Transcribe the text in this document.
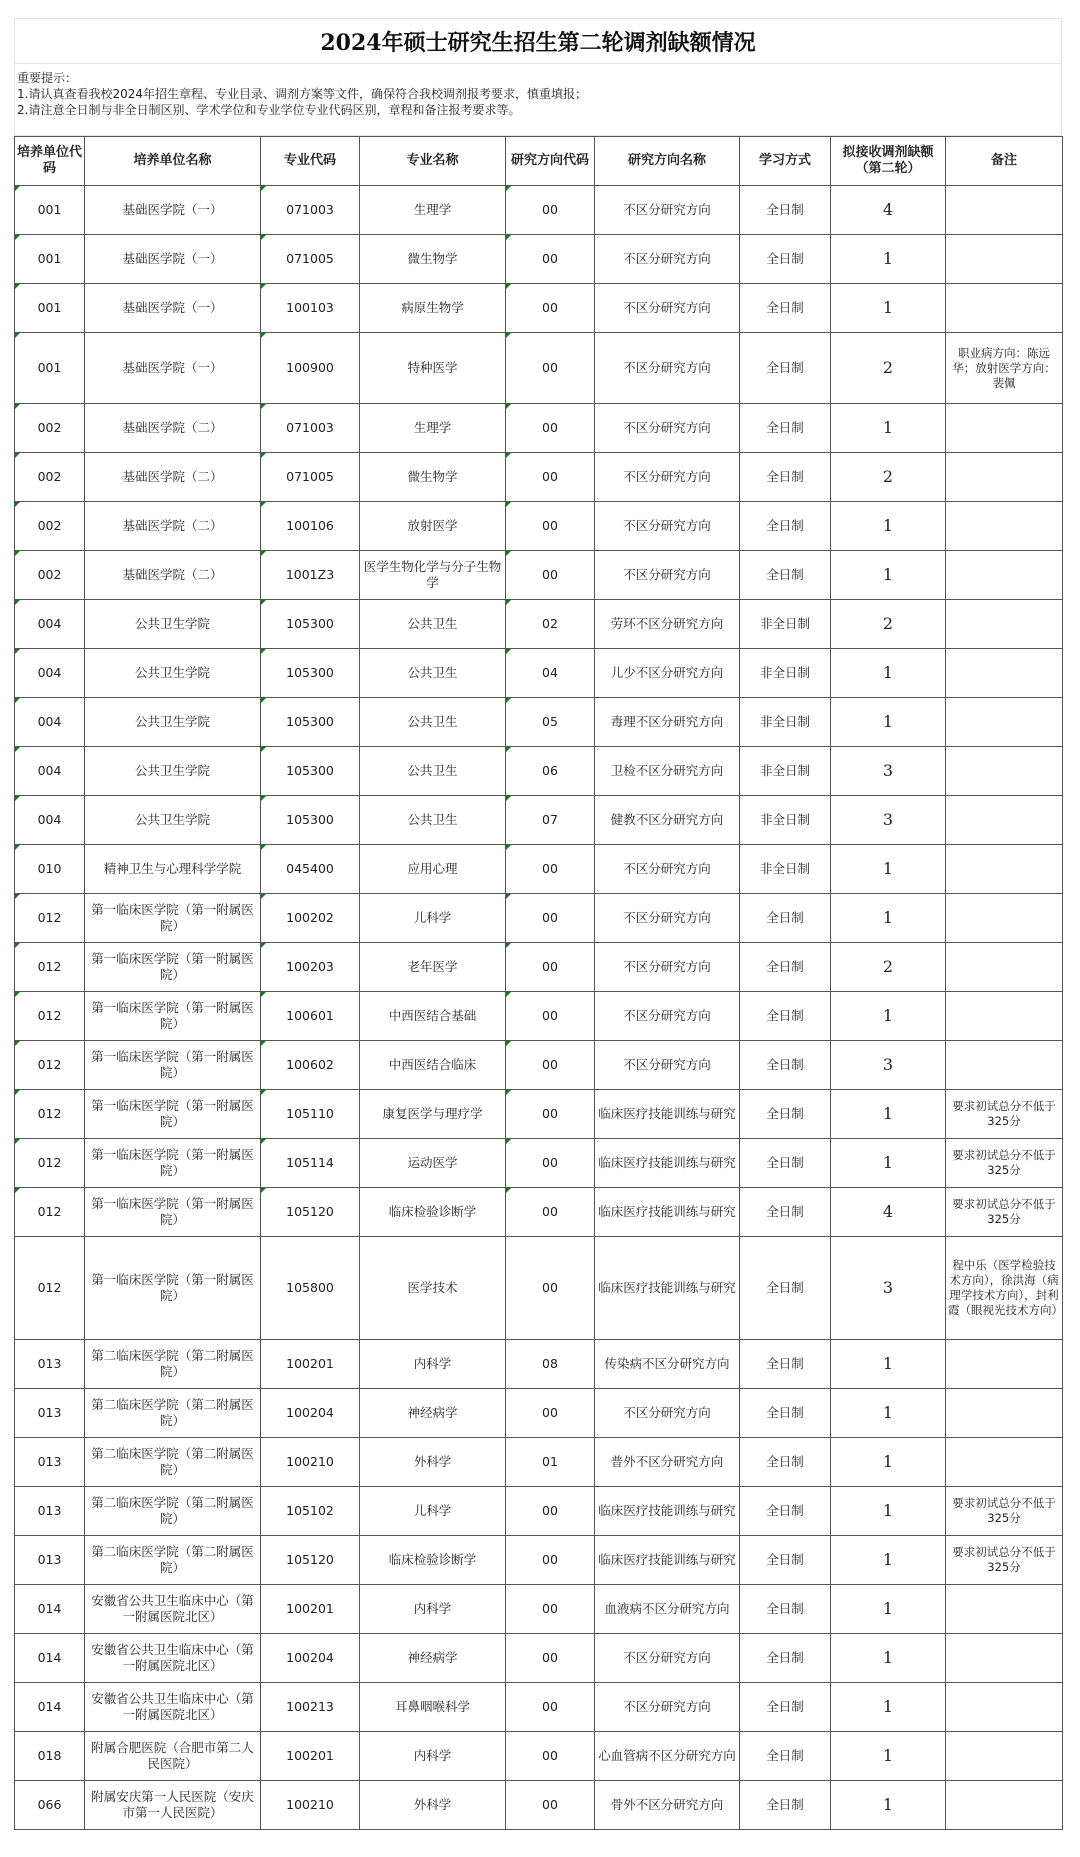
2024年硕士研究生招生第二轮调剂缺额情况
重要提示：
1.请认真查看我校2024年招生章程、专业目录、调剂方案等文件，确保符合我校调剂报考要求，慎重填报；
2.请注意全日制与非全日制区别、学术学位和专业学位专业代码区别，章程和备注报考要求等。
培养单位代码	培养单位名称	专业代码	专业名称	研究方向代码	研究方向名称	学习方式	拟接收调剂缺额（第二轮）	备注
001	基础医学院（一）	071003	生理学	00	不区分研究方向	全日制	4	
001	基础医学院（一）	071005	微生物学	00	不区分研究方向	全日制	1	
001	基础医学院（一）	100103	病原生物学	00	不区分研究方向	全日制	1	
001	基础医学院（一）	100900	特种医学	00	不区分研究方向	全日制	2	职业病方向：陈远华；放射医学方向：裴佩
002	基础医学院（二）	071003	生理学	00	不区分研究方向	全日制	1	
002	基础医学院（二）	071005	微生物学	00	不区分研究方向	全日制	2	
002	基础医学院（二）	100106	放射医学	00	不区分研究方向	全日制	1	
002	基础医学院（二）	1001Z3	医学生物化学与分子生物学	00	不区分研究方向	全日制	1	
004	公共卫生学院	105300	公共卫生	02	劳环不区分研究方向	非全日制	2	
004	公共卫生学院	105300	公共卫生	04	儿少不区分研究方向	非全日制	1	
004	公共卫生学院	105300	公共卫生	05	毒理不区分研究方向	非全日制	1	
004	公共卫生学院	105300	公共卫生	06	卫检不区分研究方向	非全日制	3	
004	公共卫生学院	105300	公共卫生	07	健教不区分研究方向	非全日制	3	
010	精神卫生与心理科学学院	045400	应用心理	00	不区分研究方向	非全日制	1	
012	第一临床医学院（第一附属医院）	100202	儿科学	00	不区分研究方向	全日制	1	
012	第一临床医学院（第一附属医院）	100203	老年医学	00	不区分研究方向	全日制	2	
012	第一临床医学院（第一附属医院）	100601	中西医结合基础	00	不区分研究方向	全日制	1	
012	第一临床医学院（第一附属医院）	100602	中西医结合临床	00	不区分研究方向	全日制	3	
012	第一临床医学院（第一附属医院）	105110	康复医学与理疗学	00	临床医疗技能训练与研究	全日制	1	要求初试总分不低于325分
012	第一临床医学院（第一附属医院）	105114	运动医学	00	临床医疗技能训练与研究	全日制	1	要求初试总分不低于325分
012	第一临床医学院（第一附属医院）	105120	临床检验诊断学	00	临床医疗技能训练与研究	全日制	4	要求初试总分不低于325分
012	第一临床医学院（第一附属医院）	105800	医学技术	00	临床医疗技能训练与研究	全日制	3	程中乐（医学检验技术方向），徐洪海（病理学技术方向），封利霞（眼视光技术方向）
013	第二临床医学院（第二附属医院）	100201	内科学	08	传染病不区分研究方向	全日制	1	
013	第二临床医学院（第二附属医院）	100204	神经病学	00	不区分研究方向	全日制	1	
013	第二临床医学院（第二附属医院）	100210	外科学	01	普外不区分研究方向	全日制	1	
013	第二临床医学院（第二附属医院）	105102	儿科学	00	临床医疗技能训练与研究	全日制	1	要求初试总分不低于325分
013	第二临床医学院（第二附属医院）	105120	临床检验诊断学	00	临床医疗技能训练与研究	全日制	1	要求初试总分不低于325分
014	安徽省公共卫生临床中心（第一附属医院北区）	100201	内科学	00	血液病不区分研究方向	全日制	1	
014	安徽省公共卫生临床中心（第一附属医院北区）	100204	神经病学	00	不区分研究方向	全日制	1	
014	安徽省公共卫生临床中心（第一附属医院北区）	100213	耳鼻咽喉科学	00	不区分研究方向	全日制	1	
018	附属合肥医院（合肥市第二人民医院）	100201	内科学	00	心血管病不区分研究方向	全日制	1	
066	附属安庆第一人民医院（安庆市第一人民医院）	100210	外科学	00	骨外不区分研究方向	全日制	1	
